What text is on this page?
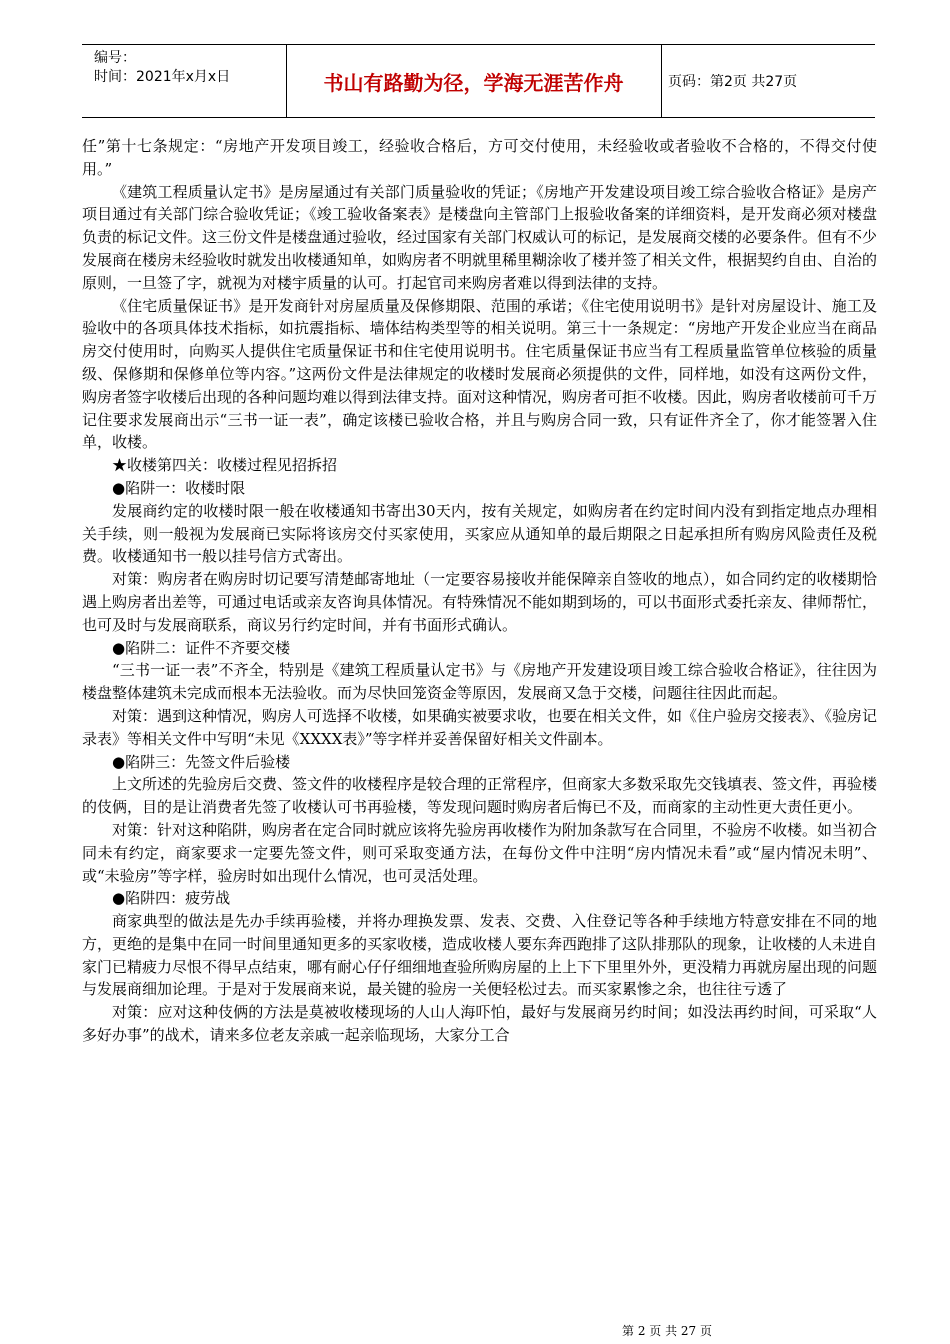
编号：
时间：2021年x月x日	书山有路勤为径，学海无涯苦作舟	页码：第2页 共27页

任”第十七条规定：“房地产开发项目竣工，经验收合格后，方可交付使用，未经验收或者验收不合格的，不得交付使用。”

《建筑工程质量认定书》是房屋通过有关部门质量验收的凭证；《房地产开发建设项目竣工综合验收合格证》是房产项目通过有关部门综合验收凭证；《竣工验收备案表》是楼盘向主管部门上报验收备案的详细资料，是开发商必须对楼盘负责的标记文件。这三份文件是楼盘通过验收，经过国家有关部门权威认可的标记，是发展商交楼的必要条件。但有不少发展商在楼房未经验收时就发出收楼通知单，如购房者不明就里稀里糊涂收了楼并签了相关文件，根据契约自由、自治的原则，一旦签了字，就视为对楼宇质量的认可。打起官司来购房者难以得到法律的支持。

《住宅质量保证书》是开发商针对房屋质量及保修期限、范围的承诺；《住宅使用说明书》是针对房屋设计、施工及验收中的各项具体技术指标，如抗震指标、墙体结构类型等的相关说明。第三十一条规定：“房地产开发企业应当在商品房交付使用时，向购买人提供住宅质量保证书和住宅使用说明书。住宅质量保证书应当有工程质量监管单位核验的质量级、保修期和保修单位等内容。”这两份文件是法律规定的收楼时发展商必须提供的文件，同样地，如没有这两份文件，购房者签字收楼后出现的各种问题均难以得到法律支持。面对这种情况，购房者可拒不收楼。因此，购房者收楼前可千万记住要求发展商出示“三书一证一表”，确定该楼已验收合格，并且与购房合同一致，只有证件齐全了，你才能签署入住单，收楼。

★收楼第四关：收楼过程见招拆招

●陷阱一：收楼时限

发展商约定的收楼时限一般在收楼通知书寄出30天内，按有关规定，如购房者在约定时间内没有到指定地点办理相关手续，则一般视为发展商已实际将该房交付买家使用，买家应从通知单的最后期限之日起承担所有购房风险责任及税费。收楼通知书一般以挂号信方式寄出。

对策：购房者在购房时切记要写清楚邮寄地址（一定要容易接收并能保障亲自签收的地点），如合同约定的收楼期恰遇上购房者出差等，可通过电话或亲友咨询具体情况。有特殊情况不能如期到场的，可以书面形式委托亲友、律师帮忙，也可及时与发展商联系，商议另行约定时间，并有书面形式确认。

●陷阱二：证件不齐要交楼

“三书一证一表”不齐全，特别是《建筑工程质量认定书》与《房地产开发建设项目竣工综合验收合格证》，往往因为楼盘整体建筑未完成而根本无法验收。而为尽快回笼资金等原因，发展商又急于交楼，问题往往因此而起。

对策：遇到这种情况，购房人可选择不收楼，如果确实被要求收，也要在相关文件，如《住户验房交接表》、《验房记录表》等相关文件中写明“未见《XXXX表》”等字样并妥善保留好相关文件副本。

●陷阱三：先签文件后验楼

上文所述的先验房后交费、签文件的收楼程序是较合理的正常程序，但商家大多数采取先交钱填表、签文件，再验楼的伎俩，目的是让消费者先签了收楼认可书再验楼，等发现问题时购房者后悔已不及，而商家的主动性更大责任更小。

对策：针对这种陷阱，购房者在定合同时就应该将先验房再收楼作为附加条款写在合同里，不验房不收楼。如当初合同未有约定，商家要求一定要先签文件，则可采取变通方法，在每份文件中注明“房内情况未看”或“屋内情况未明”、或“未验房”等字样，验房时如出现什么情况，也可灵活处理。

●陷阱四：疲劳战

商家典型的做法是先办手续再验楼，并将办理换发票、发表、交费、入住登记等各种手续地方特意安排在不同的地方，更绝的是集中在同一时间里通知更多的买家收楼，造成收楼人要东奔西跑排了这队排那队的现象，让收楼的人未进自家门已精疲力尽恨不得早点结束，哪有耐心仔仔细细地查验所购房屋的上上下下里里外外，更没精力再就房屋出现的问题与发展商细加论理。于是对于发展商来说，最关键的验房一关便轻松过去。而买家累惨之余，也往往亏透了

对策：应对这种伎俩的方法是莫被收楼现场的人山人海吓怕，最好与发展商另约时间；如没法再约时间，可采取“人多好办事”的战术，请来多位老友亲戚一起亲临现场，大家分工合

第 2 页 共 27 页
